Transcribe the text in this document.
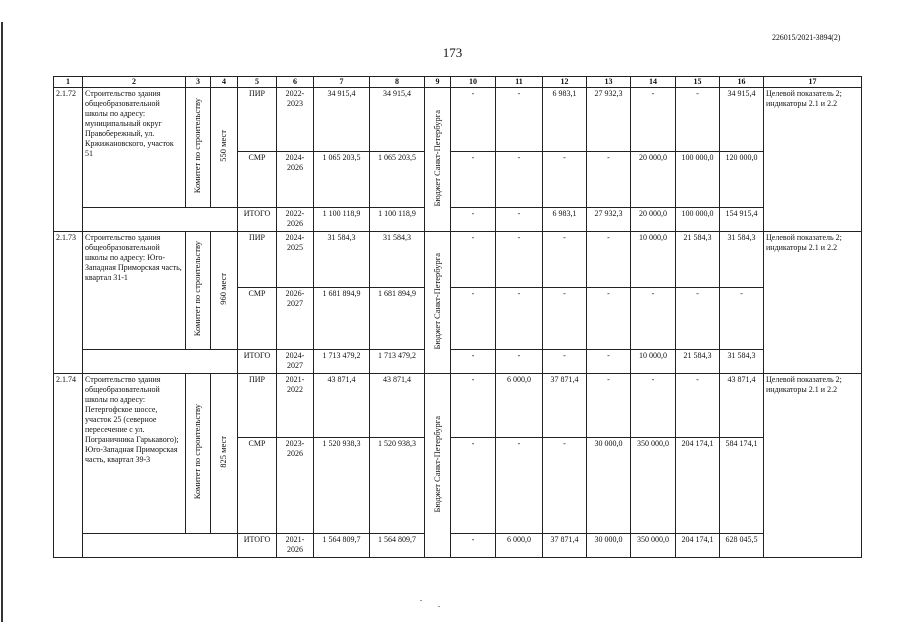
226015/2021-3894(2)
173
1	2	3	4	5	6	7	8	9	10	11	12	13	14	15	16	17
2.1.72	Строительство здания общеобразовательной школы по адресу: муниципальный округ Правобережный, ул. Кржижановского, участок 51	Комитет по строительству	550 мест	ПИР	2022-2023	34 915,4	34 915,4	Бюджет Санкт-Петербурга	-	-	6 983,1	27 932,3	-	-	34 915,4	Целевой показатель 2; индикаторы 2.1 и 2.2
				СМР	2024-2026	1 065 203,5	1 065 203,5		-	-	-	-	20 000,0	100 000,0	120 000,0	
				ИТОГО	2022-2026	1 100 118,9	1 100 118,9		-	-	6 983,1	27 932,3	20 000,0	100 000,0	154 915,4	
2.1.73	Строительство здания общеобразовательной школы по адресу: Юго-Западная Приморская часть, квартал 31-1	Комитет по строительству	960 мест	ПИР	2024-2025	31 584,3	31 584,3	Бюджет Санкт-Петербурга	-	-	-	-	10 000,0	21 584,3	31 584,3	Целевой показатель 2; индикаторы 2.1 и 2.2
				СМР	2026-2027	1 681 894,9	1 681 894,9		-	-	-	-	-	-	-	
				ИТОГО	2024-2027	1 713 479,2	1 713 479,2		-	-	-	-	10 000,0	21 584,3	31 584,3	
2.1.74	Строительство здания общеобразовательной школы по адресу: Петергофское шоссе, участок 25 (северное пересечение с ул. Пограничника Гарькавого); Юго-Западная Приморская часть, квартал 39-3	Комитет по строительству	825 мест	ПИР	2021-2022	43 871,4	43 871,4	Бюджет Санкт-Петербурга	-	6 000,0	37 871,4	-	-	-	43 871,4	Целевой показатель 2; индикаторы 2.1 и 2.2
				СМР	2023-2026	1 520 938,3	1 520 938,3		-	-	-	30 000,0	350 000,0	204 174,1	584 174,1	
				ИТОГО	2021-2026	1 564 809,7	1 564 809,7		-	6 000,0	37 871,4	30 000,0	350 000,0	204 174,1	628 045,5	
